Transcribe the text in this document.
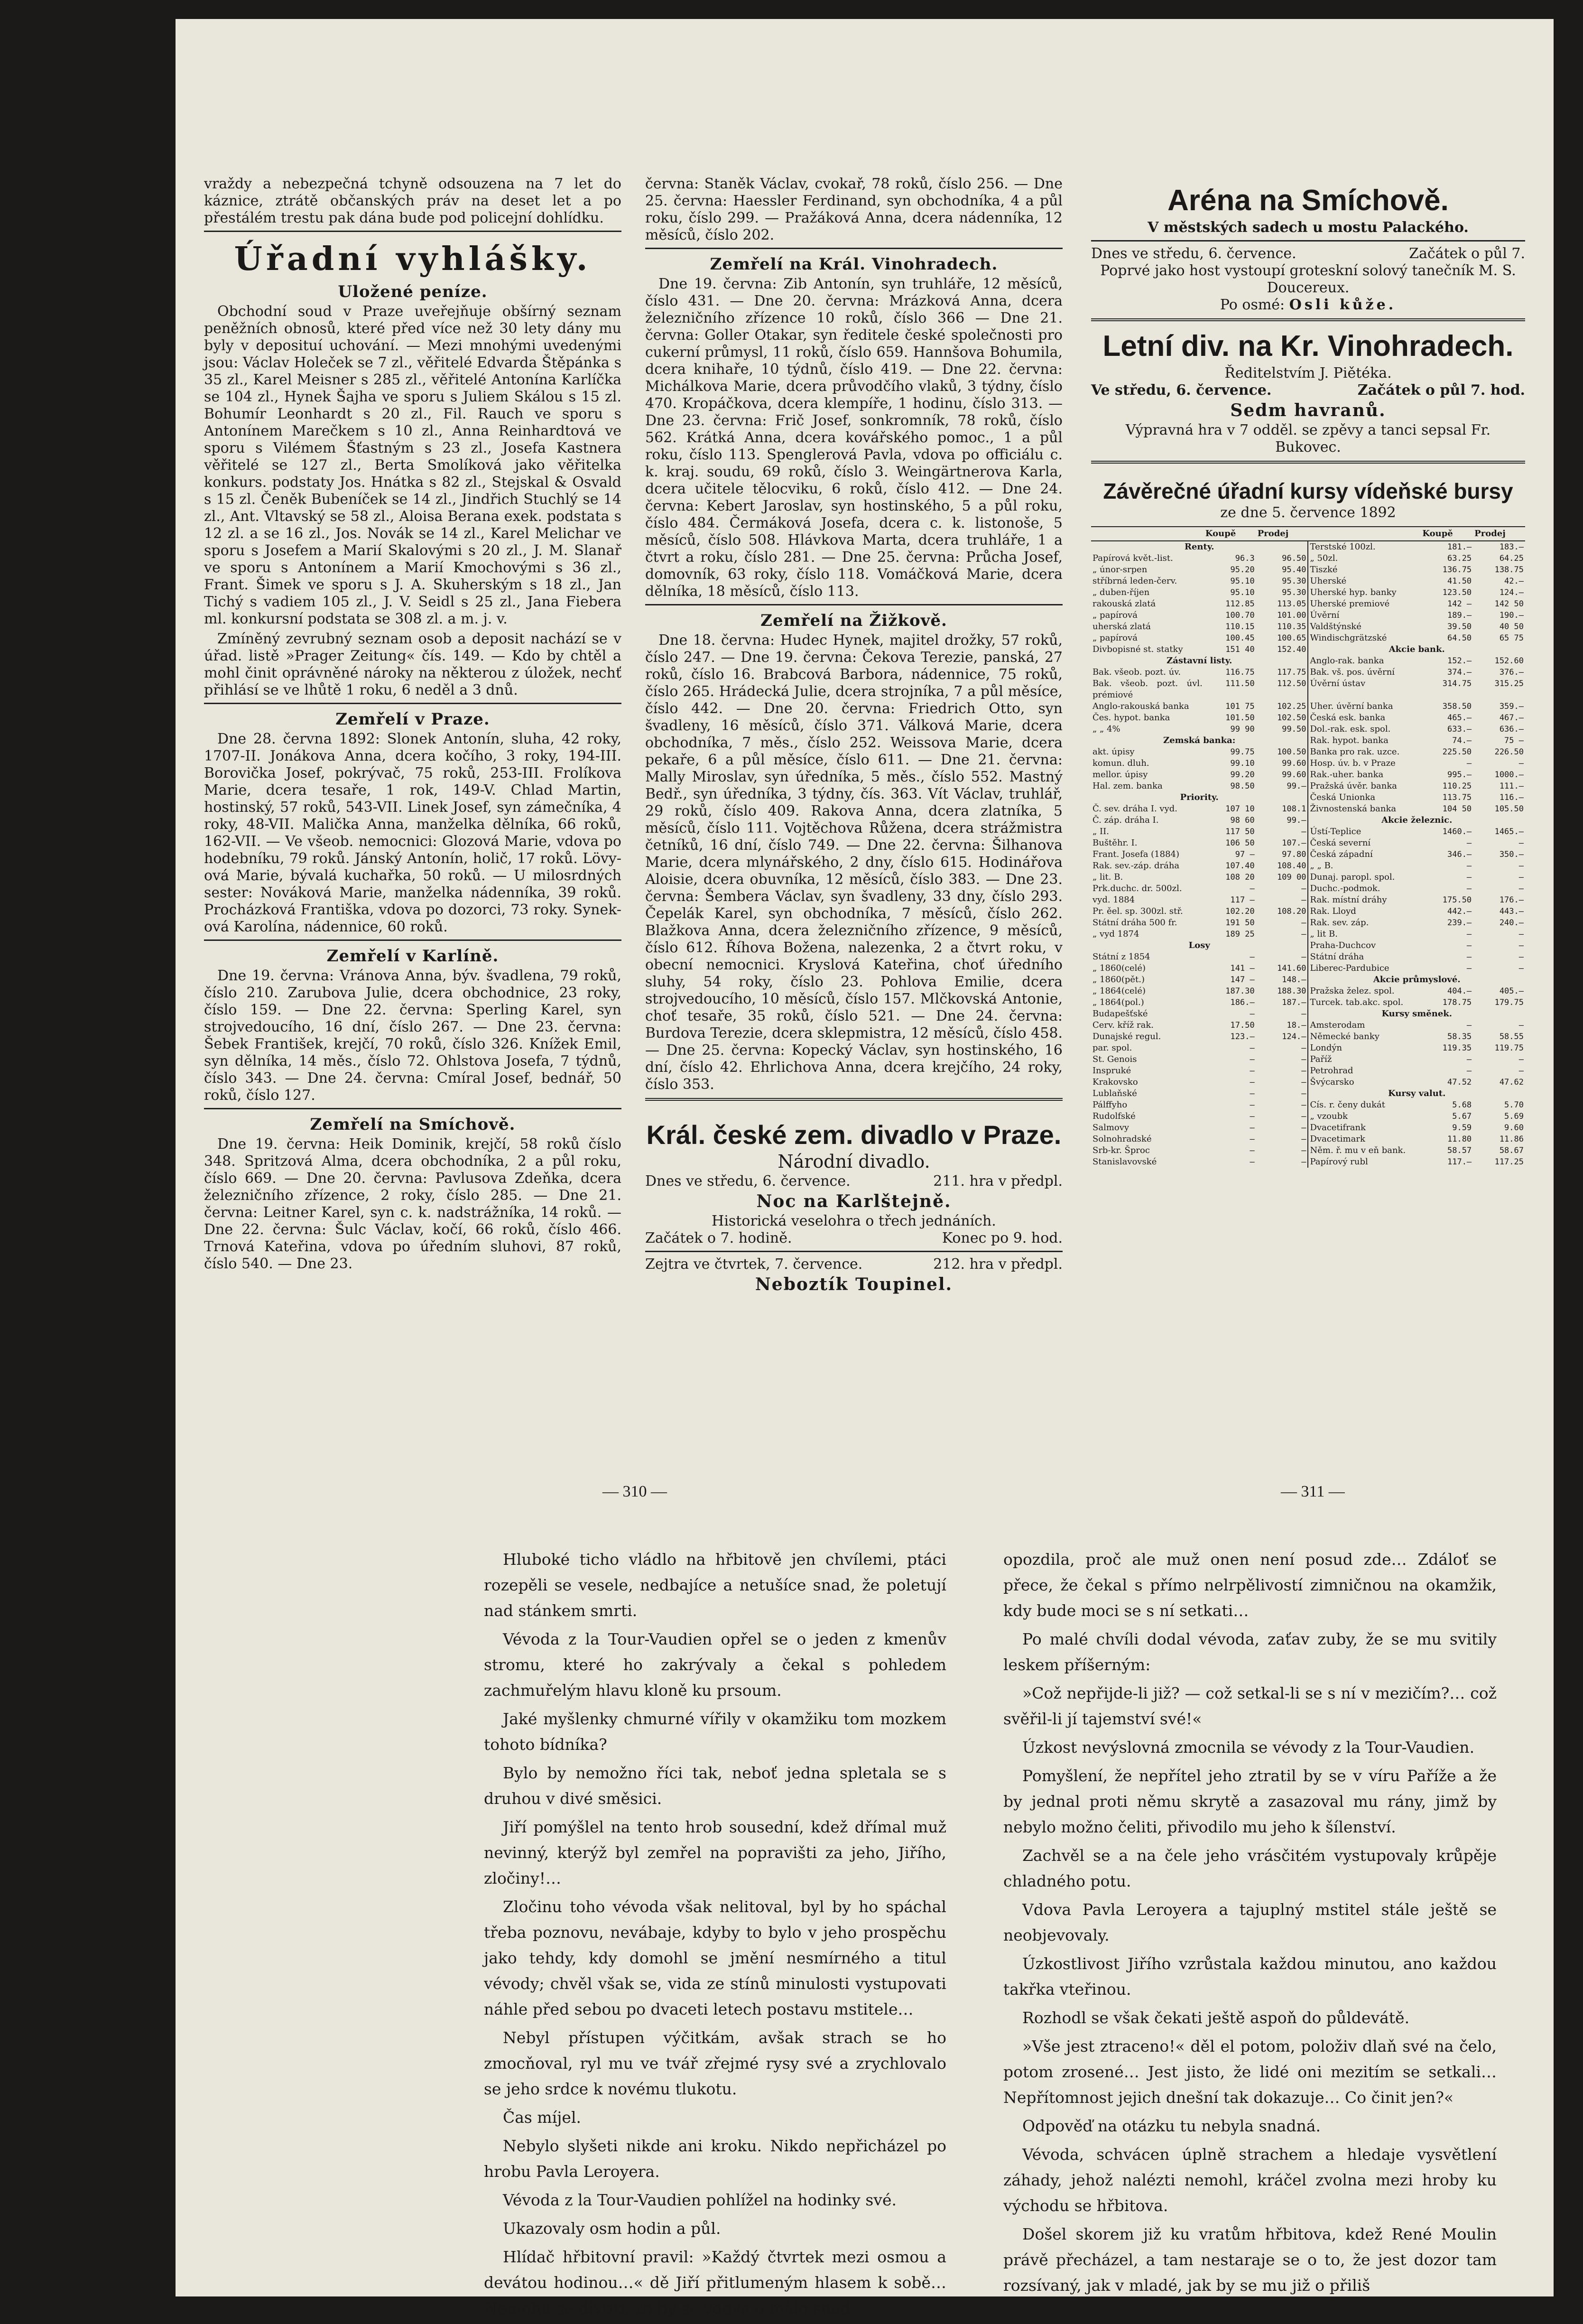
vraždy a nebezpečná tchyně odsouzena na 7 let do káznice, ztrátě občanských práv na deset let a po přestálém trestu pak dána bude pod policejní dohlídku.

Úřadní vyhlášky.
Uložené peníze.

Obchodní soud v Praze uveřejňuje obšírný seznam peněžních obnosů, které před více než 30 lety dány mu byly v deposituí uchování. — Mezi mnohými uvedenými jsou: Václav Holeček se 7 zl., věřitelé Edvarda Štěpánka s 35 zl., Karel Meisner s 285 zl., věřitelé Antonína Karlíčka se 104 zl., Hynek Šajha ve sporu s Juliem Skálou s 15 zl. Bohumír Leonhardt s 20 zl., Fil. Rauch ve sporu s Antonínem Marečkem s 10 zl., Anna Reinhardtová ve sporu s Vilémem Šťastným s 23 zl., Josefa Kastnera věřitelé se 127 zl., Berta Smolíková jako věřitelka konkurs. podstaty Jos. Hnátka s 82 zl., Stejskal & Osvald s 15 zl. Čeněk Bubeníček se 14 zl., Jindřich Stuchlý se 14 zl., Ant. Vltavský se 58 zl., Aloisa Berana exek. podstata s 12 zl. a se 16 zl., Jos. Novák se 14 zl., Karel Melichar ve sporu s Josefem a Marií Skalovými s 20 zl., J. M. Slanař ve sporu s Antonínem a Marií Kmochovými s 36 zl., Frant. Šimek ve sporu s J. A. Skuherským s 18 zl., Jan Tichý s vadiem 105 zl., J. V. Seidl s 25 zl., Jana Fiebera ml. konkursní podstata se 308 zl. a m. j. v.

Zmíněný zevrubný seznam osob a deposit nachází se v úřad. listě »Prager Zeitung« čís. 149. — Kdo by chtěl a mohl činit oprávněné nároky na některou z úložek, nechť přihlásí se ve lhůtě 1 roku, 6 neděl a 3 dnů.

Zemřelí v Praze.

Dne 28. června 1892: Slonek Antonín, sluha, 42 roky, 1707-II. Jonákova Anna, dcera kočího, 3 roky, 194-III. Borovička Josef, pokrývač, 75 roků, 253-III. Frolíkova Marie, dcera tesaře, 1 rok, 149-V. Chlad Martin, hostinský, 57 roků, 543-VII. Linek Josef, syn zámečníka, 4 roky, 48-VII. Malička Anna, manželka dělníka, 66 roků, 162-VII. — Ve všeob. nemocnici: Glozová Marie, vdova po hodebníku, 79 roků. Jánský Antonín, holič, 17 roků. Lövy-ová Marie, bývalá kuchařka, 50 roků. — U milosrdných sester: Nováková Marie, manželka nádenníka, 39 roků. Procházková Františka, vdova po dozorci, 73 roky. Synek-ová Karolína, nádennice, 60 roků.

Zemřelí v Karlíně.

Dne 19. června: Vránova Anna, býv. švadlena, 79 roků, číslo 210. Zarubova Julie, dcera obchodnice, 23 roky, číslo 159. — Dne 22. června: Sperling Karel, syn strojvedoucího, 16 dní, číslo 267. — Dne 23. června: Šebek František, krejčí, 70 roků, číslo 326. Knížek Emil, syn dělníka, 14 měs., číslo 72. Ohlstova Josefa, 7 týdnů, číslo 343. — Dne 24. června: Cmíral Josef, bednář, 50 roků, číslo 127.

Zemřelí na Smíchově.

Dne 19. června: Heik Dominik, krejčí, 58 roků číslo 348. Spritzová Alma, dcera obchodníka, 2 a půl roku, číslo 669. — Dne 20. června: Pavlusova Zdeňka, dcera železničního zřízence, 2 roky, číslo 285. — Dne 21. června: Leitner Karel, syn c. k. nadstrážníka, 14 roků. — Dne 22. června: Šulc Václav, kočí, 66 roků, číslo 466. Trnová Kateřina, vdova po úředním sluhovi, 87 roků, číslo 540. — Dne 23.

června: Staněk Václav, cvokař, 78 roků, číslo 256. — Dne 25. června: Haessler Ferdinand, syn obchodníka, 4 a půl roku, číslo 299. — Pražáková Anna, dcera nádenníka, 12 měsíců, číslo 202.

Zemřelí na Král. Vinohradech.

Dne 19. června: Zib Antonín, syn truhláře, 12 měsíců, číslo 431. — Dne 20. června: Mrázková Anna, dcera železničního zřízence 10 roků, číslo 366 — Dne 21. června: Goller Otakar, syn ředitele české společnosti pro cukerní průmysl, 11 roků, číslo 659. Hannšova Bohumila, dcera knihaře, 10 týdnů, číslo 419. — Dne 22. června: Michálkova Marie, dcera průvodčího vlaků, 3 týdny, číslo 470. Kropáčkova, dcera klempíře, 1 hodinu, číslo 313. — Dne 23. června: Frič Josef, sonkromník, 78 roků, číslo 562. Krátká Anna, dcera kovářského pomoc., 1 a půl roku, číslo 113. Spenglerová Pavla, vdova po officiálu c. k. kraj. soudu, 69 roků, číslo 3. Weingärtnerova Karla, dcera učitele tělocviku, 6 roků, číslo 412. — Dne 24. června: Kebert Jaroslav, syn hostinského, 5 a půl roku, číslo 484. Čermáková Josefa, dcera c. k. listonoše, 5 měsíců, číslo 508. Hlávkova Marta, dcera truhláře, 1 a čtvrt a roku, číslo 281. — Dne 25. června: Průcha Josef, domovník, 63 roky, číslo 118. Vomáčková Marie, dcera dělníka, 18 měsíců, číslo 113.

Zemřelí na Žižkově.

Dne 18. června: Hudec Hynek, majitel drožky, 57 roků, číslo 247. — Dne 19. června: Čekova Terezie, panská, 27 roků, číslo 16. Brabcová Barbora, nádennice, 75 roků, číslo 265. Hrádecká Julie, dcera strojníka, 7 a půl měsíce, číslo 442. — Dne 20. června: Friedrich Otto, syn švadleny, 16 měsíců, číslo 371. Válková Marie, dcera obchodníka, 7 měs., číslo 252. Weissova Marie, dcera pekaře, 6 a půl měsíce, číslo 611. — Dne 21. června: Mally Miroslav, syn úředníka, 5 měs., číslo 552. Mastný Bedř., syn úředníka, 3 týdny, čís. 363. Vít Václav, truhlář, 29 roků, číslo 409. Rakova Anna, dcera zlatníka, 5 měsíců, číslo 111. Vojtěchova Růžena, dcera strážmistra četníků, 16 dní, číslo 749. — Dne 22. června: Šilhanova Marie, dcera mlynářského, 2 dny, číslo 615. Hodinářova Aloisie, dcera obuvníka, 12 měsíců, číslo 383. — Dne 23. června: Šembera Václav, syn švadleny, 33 dny, číslo 293. Čepelák Karel, syn obchodníka, 7 měsíců, číslo 262. Blažkova Anna, dcera železničního zřízence, 9 měsíců, číslo 612. Říhova Božena, nalezenka, 2 a čtvrt roku, v obecní nemocnici. Kryslová Kateřina, choť úředního sluhy, 54 roky, číslo 23. Pohlova Emilie, dcera strojvedoucího, 10 měsíců, číslo 157. Mlčkovská Antonie, choť tesaře, 35 roků, číslo 521. — Dne 24. června: Burdova Terezie, dcera sklepmistra, 12 měsíců, číslo 458. — Dne 25. června: Kopecký Václav, syn hostinského, 16 dní, číslo 42. Ehrlichova Anna, dcera krejčího, 24 roky, číslo 353.

Král. české zem. divadlo v Praze.
Národní divadlo.
Dnes ve středu, 6. července.	211. hra v předpl.
Noc na Karlštejně.
Historická veselohra o třech jednáních.
Začátek o 7. hodině.	Konec po 9. hod.
Zejtra ve čtvrtek, 7. července.	212. hra v předpl.
Neboztík Toupinel.
Aréna na Smíchově.
V městských sadech u mostu Palackého.
Dnes ve středu, 6. července.	Začátek o půl 7.
Poprvé jako host vystoupí groteskní solový tanečník M. S. Doucereux.
Po osmé: Osli kůže.
Letní div. na Kr. Vinohradech.
Ředitelstvím J. Piětéka.
Ve středu, 6. července.	Začátek o půl 7. hod.
Sedm havranů.
Výpravná hra v 7 odděl. se zpěvy a tanci sepsal Fr. Bukovec.
Závěrečné úřadní kursy vídeňské bursy
ze dne 5. července 1892
	Koupě	Prodej		Koupě	Prodej
Renty.			Terstské 100zl.	181.—	183.—
Papírová květ.-list.	96.3	96.50	„ 50zl.	63.25	64.25
„ únor-srpen	95.20	95.40	Tiszké	136.75	138.75
stříbrná leden-červ.	95.10	95.30	Uherské	41.50	42.—
„ duben-říjen	95.10	95.30	Uherské hyp. banky	123.50	124.—
rakouská zlatá	112.85	113.05	Uherské premiové	142 —	142 50
„ papírová	100.70	101.00	Úvěrní	189.—	190.—
uherská zlatá	110.15	110.35	Valdštýnské	39.50	40 50
„ papírová	100.45	100.65	Windischgrätzské	64.50	65 75
Divbopisné st. statky	151 40	152.40	Akcie bank.		
Zástavní listy.			Anglo-rak. banka	152.—	152.60
Bak. všeob. pozt. úv.	116.75	117.75	Bak. vš. pos. úvěrní	374.—	376.—
Bak. všeob. pozt. úvl. prémiové	111.50	112.50	Úvěrní ústav	314.75	315.25
Anglo-rakouská banka	101 75	102.25	Uher. úvěrní banka	358.50	359.—
Čes. hypot. banka	101.50	102.50	Česká esk. banka	465.—	467.—
„ „ 4%	99 90	99.50	Dol.-rak. esk. spol.	633.—	636.—
Zemská banka:			Rak. hypot. banka	74.—	75 —
akt. úpisy	99.75	100.50	Banka pro rak. uzce.	225.50	226.50
komun. dluh.	99.10	99.60	Hosp. úv. b. v Praze	—	—
mellor. úpisy	99.20	99.60	Rak.-uher. banka	995.—	1000.—
Hal. zem. banka	98.50	99.—	Pražská úvěr. banka	110.25	111.—
Priority.			Česká Unionka	113.75	116.—
Č. sev. dráha I. vyd.	107 10	108.1	Živnostenská banka	104 50	105.50
Č. záp. dráha I.	98 60	99.—	Akcie železnic.		
„ II.	117 50	—	Ústí-Teplice	1460.—	1465.—
Buštěhr. I.	106 50	107.—	Česká severní	—	—
Frant. Josefa (1884)	97 —	97.80	Česká západní	346.—	350.—
Rak. sev.-záp. dráha	107.40	108.40	„ „ B.	—	—
„ lit. B.	108 20	109 00	Dunaj. paropl. spol.	—	—
Prk.duchc. dr. 500zl.	—	—	Duchc.-podmok.	—	—
vyd. 1884	117 —	—	Rak. místní dráhy	175.50	176.—
Pr. ěel. sp. 300zl. stř.	102.20	108.20	Rak. Lloyd	442.—	443.—
Státní dráha 500 fr.	191 50	—	Rak. sev. záp.	239.—	240.—
„ vyd 1874	189 25	—	„ lit B.	—	—
Losy			Praha-Duchcov	—	—
Státní z 1854	—	—	Státní dráha	—	—
„ 1860(celé)	141 —	141.60	Liberec-Pardubice	—	—
„ 1860(pět.)	147 —	148.—	Akcie průmyslové.		
„ 1864(celé)	187.30	188.30	Pražska želez. spol.	404.—	405.—
„ 1864(pol.)	186.—	187.—	Turcek. tab.akc. spol.	178.75	179.75
Budapešťské	—	—	Kursy směnek.		
Cerv. kříž rak.	17.50	18.—	Amsterodam	—	—
Dunajské regul.	123.—	124.—	Německé banky	58.35	58.55
par. spol.	—	—	Londýn	119.35	119.75
St. Genois	—	—	Paříž	—	—
Inspruké	—	—	Petrohrad	—	—
Krakovsko	—	—	Švýcarsko	47.52	47.62
Lublaňské	—	—	Kursy valut.		
Pálffyho	—	—	Cís. r. čeny dukát	5.68	5.70
Rudolfské	—	—	„ vzoubk	5.67	5.69
Salmovy	—	—	Dvacetifrank	9.59	9.60
Solnohradské	—	—	Dvacetimark	11.80	11.86
Srb-kr. Šproc	—	—	Něm. ř. mu v eň bank.	58.57	58.67
Stanislavovské	—	—	Papírový rubl	117.—	117.25
— 310 —	— 311 —

Hluboké ticho vládlo na hřbitově jen chvílemi, ptáci rozepěli se vesele, nedbajíce a netušíce snad, že poletují nad stánkem smrti.

Vévoda z la Tour-Vaudien opřel se o jeden z kmenův stromu, které ho zakrývaly a čekal s pohledem zachmuřelým hlavu kloně ku prsoum.

Jaké myšlenky chmurné vířily v okamžiku tom mozkem tohoto bídníka?

Bylo by nemožno říci tak, neboť jedna spletala se s druhou v divé směsici.

Jiří pomýšlel na tento hrob sousední, kdež dřímal muž nevinný, kterýž byl zemřel na popravišti za jeho, Jiřího, zločiny!…

Zločinu toho vévoda však nelitoval, byl by ho spáchal třeba poznovu, nevábaje, kdyby to bylo v jeho prospěchu jako tehdy, kdy domohl se jmění nesmírného a titul vévody; chvěl však se, vida ze stínů minulosti vystupovati náhle před sebou po dvaceti letech postavu mstitele…

Nebyl přístupen výčitkám, avšak strach se ho zmocňoval, ryl mu ve tvář zřejmé rysy své a zrychlovalo se jeho srdce k novému tlukotu.

Čas míjel.

Nebylo slyšeti nikde ani kroku. Nikdo nepřicházel po hrobu Pavla Leroyera.

Vévoda z la Tour-Vaudien pohlížel na hodinky své.

Ukazovaly osm hodin a půl.

Hlídač hřbitovní pravil: »Každý čtvrtek mezi osmou a devátou hodinou…« dě Jiří přitlumeným hlasem k sobě… Nemohu se dívtiti, že by se vdova o málo snad

opozdila, proč ale muž onen není posud zde… Zdáloť se přece, že čekal s přímo nelrpělivostí zimničnou na okamžik, kdy bude moci se s ní setkati…

Po malé chvíli dodal vévoda, zaťav zuby, že se mu svitily leskem příšerným:

»Což nepřijde-li již? — což setkal-li se s ní v mezičím?… což svěřil-li jí tajemství své!«

Úzkost nevýslovná zmocnila se vévody z la Tour-Vaudien.

Pomyšlení, že nepřítel jeho ztratil by se v víru Paříže a že by jednal proti němu skrytě a zasazoval mu rány, jimž by nebylo možno čeliti, přivodilo mu jeho k šílenství.

Zachvěl se a na čele jeho vrásčitém vystupovaly krůpěje chladného potu.

Vdova Pavla Leroyera a tajuplný mstitel stále ještě se neobjevovaly.

Úzkostlivost Jiřího vzrůstala každou minutou, ano každou takřka vteřinou.

Rozhodl se však čekati ještě aspoň do půldevátě.

»Vše jest ztraceno!« děl el potom, položiv dlaň své na čelo, potom zrosené… Jest jisto, že lidé oni mezitím se setkali… Nepřítomnost jejich dnešní tak dokazuje… Co činit jen?«

Odpověď na otázku tu nebyla snadná.

Vévoda, schvácen úplně strachem a hledaje vysvětlení záhady, jehož nalézti nemohl, kráčel zvolna mezi hroby ku východu se hřbitova.

Došel skorem již ku vratům hřbitova, kdež René Moulin právě přecházel, a tam nestaraje se o to, že jest dozor tam rozsívaný, jak v mladé, jak by se mu již o přiliš
